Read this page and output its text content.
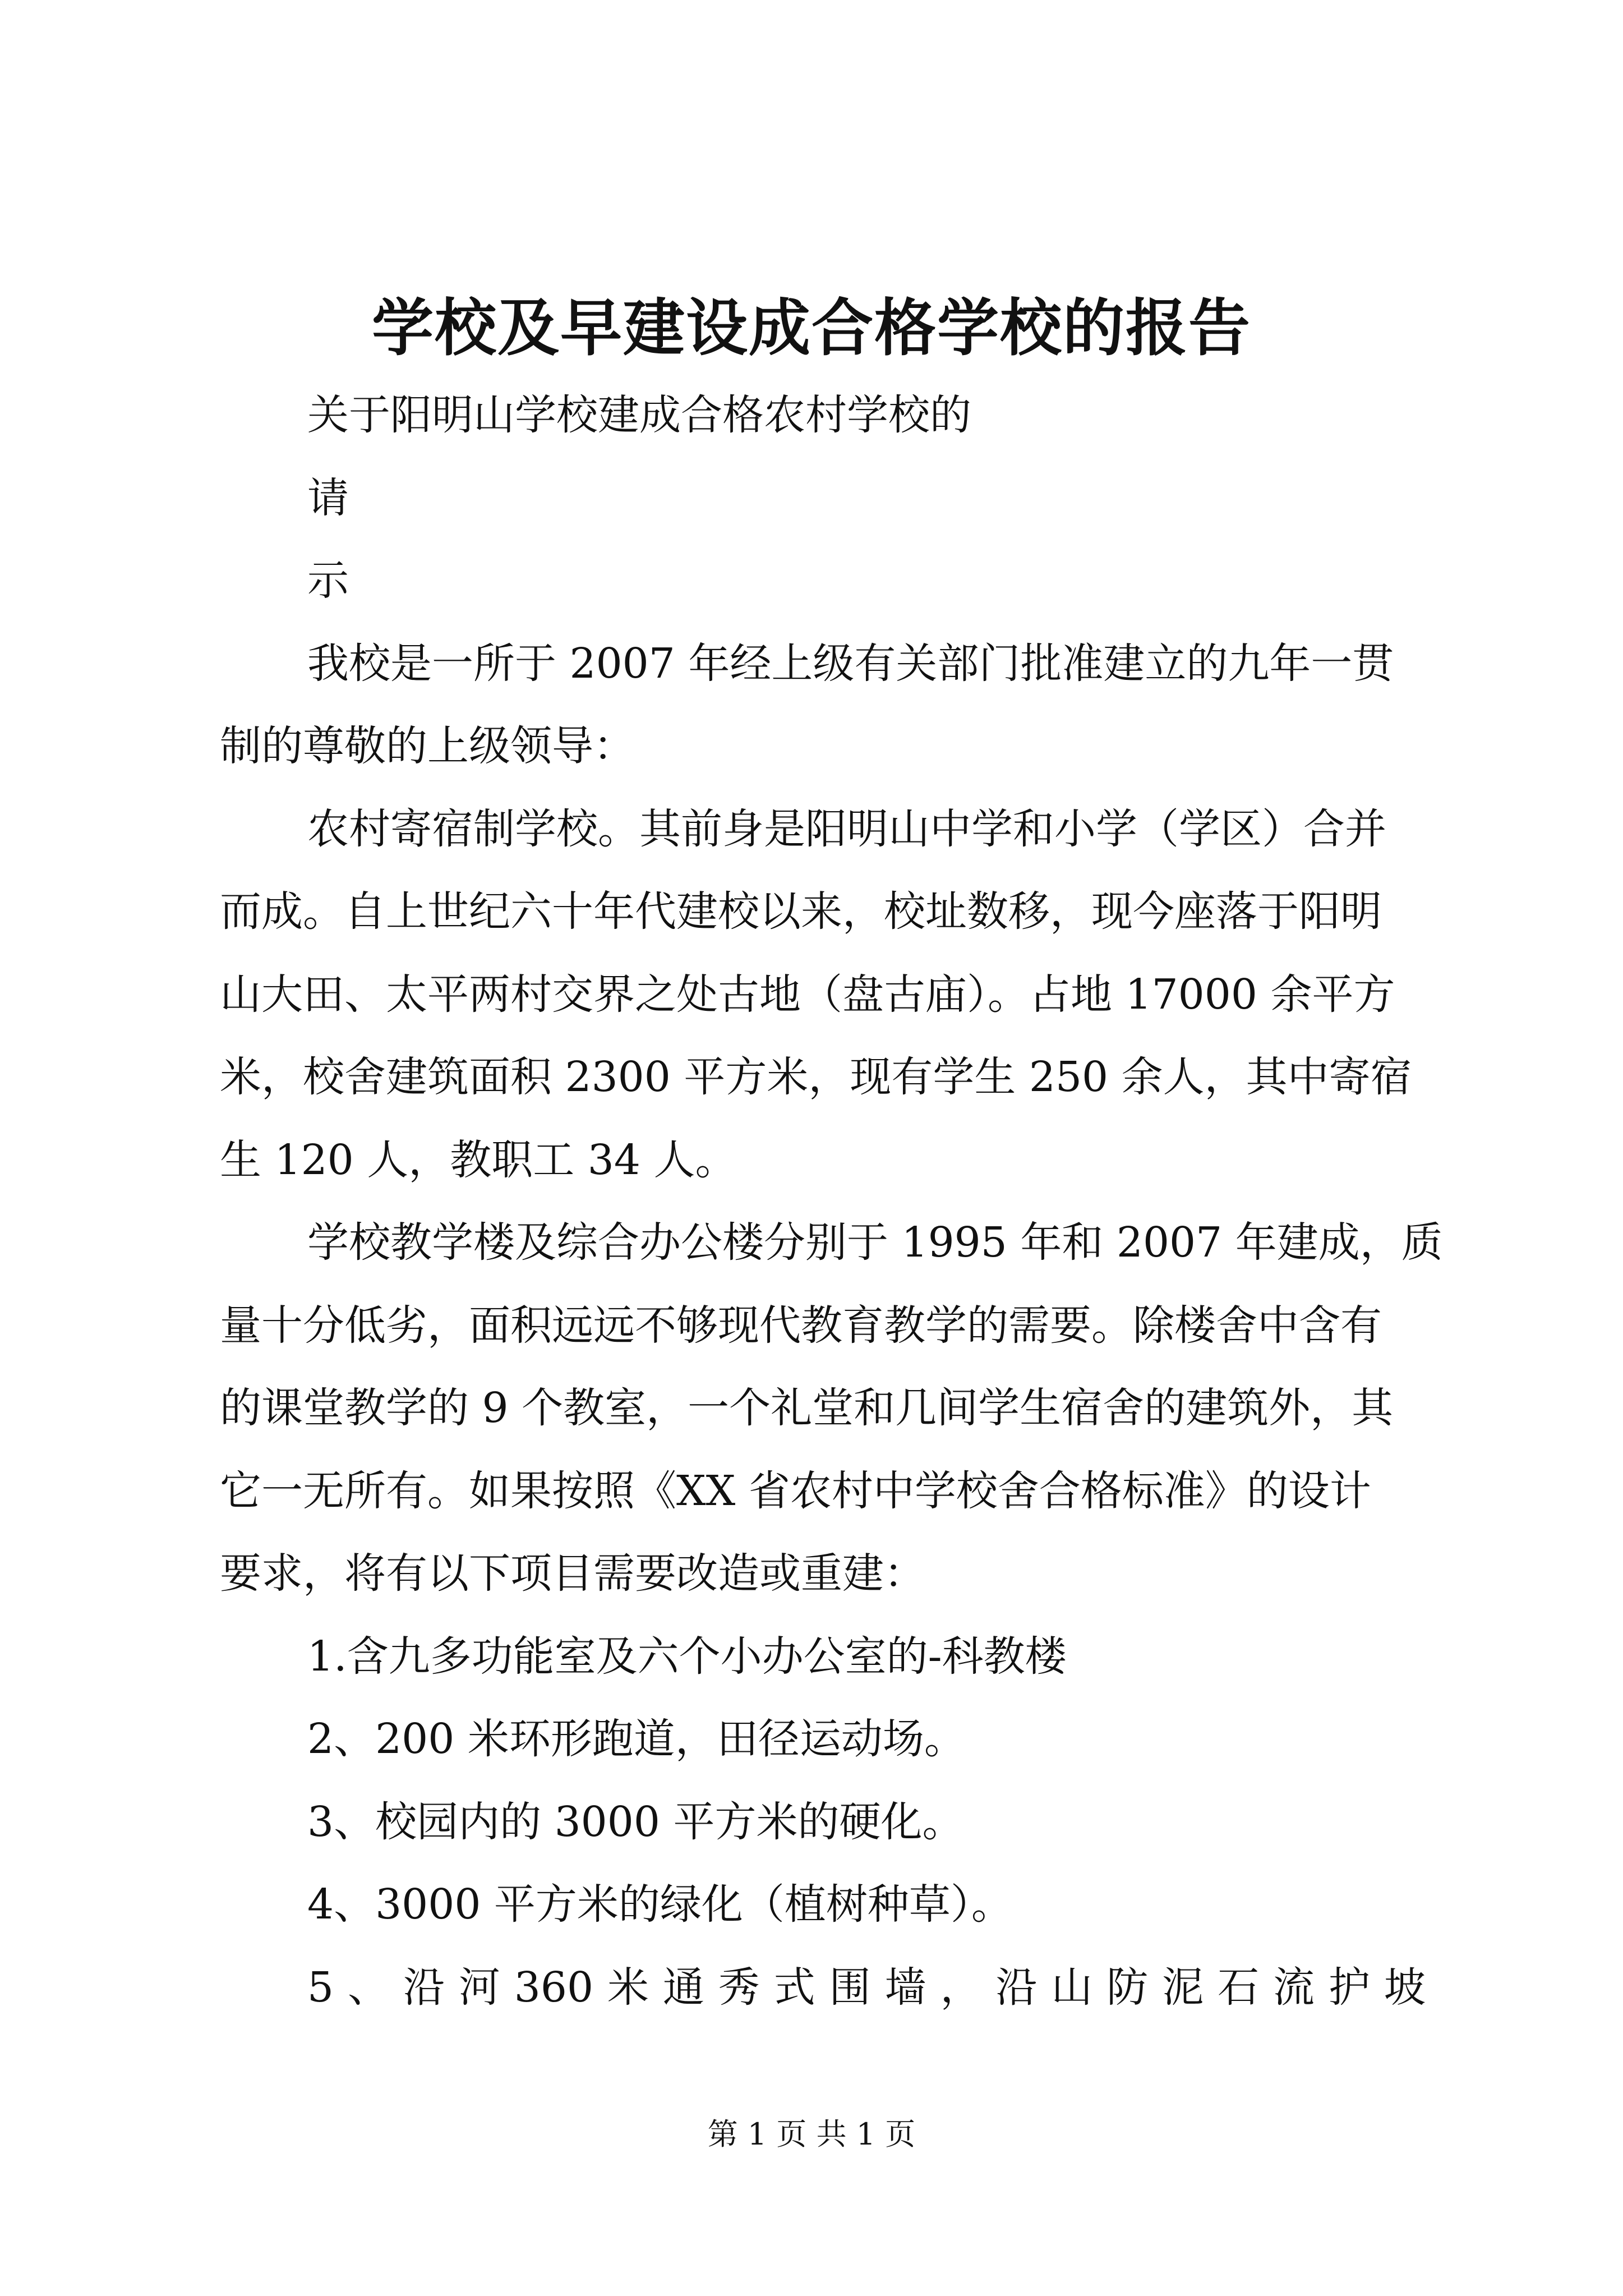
学校及早建设成合格学校的报告

关于阳明山学校建成合格农村学校的

请

示

我校是一所于 2007 年经上级有关部门批准建立的九年一贯

制的尊敬的上级领导：

农村寄宿制学校。其前身是阳明山中学和小学（学区）合并

而成。自上世纪六十年代建校以来，校址数移，现今座落于阳明

山大田、太平两村交界之处古地（盘古庙）。占地 17000 余平方

米，校舍建筑面积 2300 平方米，现有学生 250 余人，其中寄宿

生 120 人，教职工 34 人。

学校教学楼及综合办公楼分别于 1995 年和 2007 年建成，质

量十分低劣，面积远远不够现代教育教学的需要。除楼舍中含有

的课堂教学的 9 个教室，一个礼堂和几间学生宿舍的建筑外，其

它一无所有。如果按照《XX 省农村中学校舍合格标准》的设计

要求，将有以下项目需要改造或重建：

1.含九多功能室及六个小办公室的-科教楼

2、200 米环形跑道，田径运动场。

3、校园内的 3000 平方米的硬化。

4、3000 平方米的绿化（植树种草）。

5 、 沿 河 360 米 通 秀 式 围 墙 ， 沿 山 防 泥 石 流 护 坡

第 1 页 共 1 页
